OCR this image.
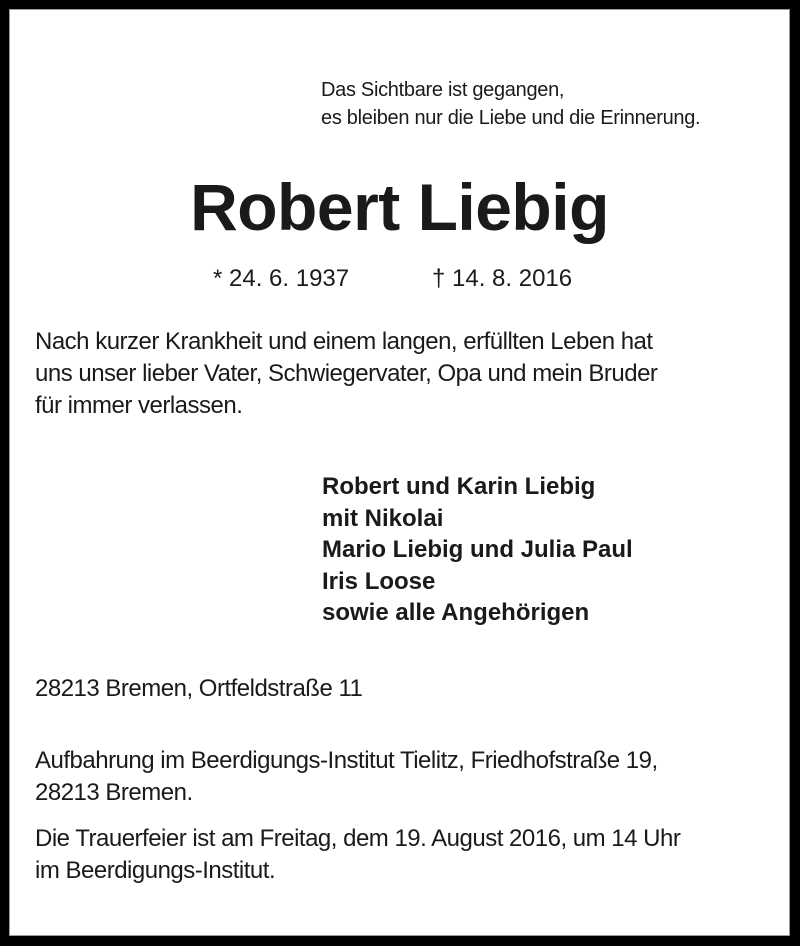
Das Sichtbare ist gegangen,
es bleiben nur die Liebe und die Erinnerung.
Robert Liebig
* 24. 6. 1937	† 14. 8. 2016
Nach kurzer Krankheit und einem langen, erfüllten Leben hat
uns unser lieber Vater, Schwiegervater, Opa und mein Bruder
für immer verlassen.
Robert und Karin Liebig
mit Nikolai
Mario Liebig und Julia Paul
Iris Loose
sowie alle Angehörigen
28213 Bremen, Ortfeldstraße 11
Aufbahrung im Beerdigungs-Institut Tielitz, Friedhofstraße 19,
28213 Bremen.
Die Trauerfeier ist am Freitag, dem 19. August 2016, um 14 Uhr
im Beerdigungs-Institut.
